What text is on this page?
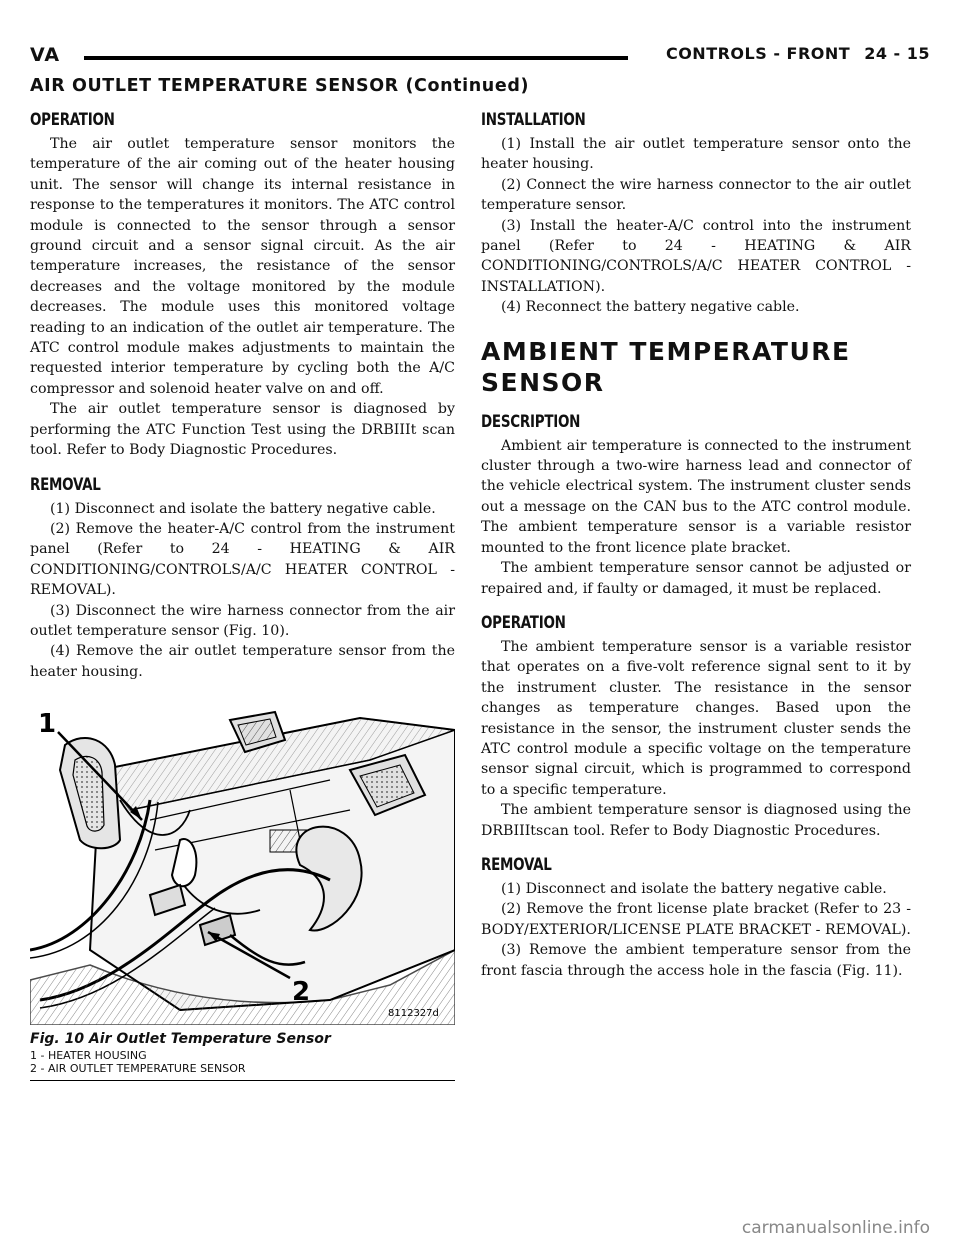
VA	CONTROLS - FRONT 24 - 15
AIR OUTLET TEMPERATURE SENSOR (Continued)
OPERATION

The air outlet temperature sensor monitors the temperature of the air coming out of the heater housing unit. The sensor will change its internal resistance in response to the temperatures it monitors. The ATC control module is connected to the sensor through a sensor ground circuit and a sensor signal circuit. As the air temperature increases, the resistance of the sensor decreases and the voltage monitored by the module decreases. The module uses this monitored voltage reading to an indication of the outlet air temperature. The ATC control module makes adjustments to maintain the requested interior temperature by cycling both the A/C compressor and solenoid heater valve on and off.

The air outlet temperature sensor is diagnosed by performing the ATC Function Test using the DRBIIIt scan tool. Refer to Body Diagnostic Procedures.

REMOVAL

(1) Disconnect and isolate the battery negative cable.

(2) Remove the heater-A/C control from the instrument panel (Refer to 24 - HEATING & AIR CONDITIONING/CONTROLS/A/C HEATER CONTROL - REMOVAL).

(3) Disconnect the wire harness connector from the air outlet temperature sensor (Fig. 10).

(4) Remove the air outlet temperature sensor from the heater housing.

1
2
8112327d
Fig. 10 Air Outlet Temperature Sensor
1 - HEATER HOUSING
2 - AIR OUTLET TEMPERATURE SENSOR
INSTALLATION

(1) Install the air outlet temperature sensor onto the heater housing.

(2) Connect the wire harness connector to the air outlet temperature sensor.

(3) Install the heater-A/C control into the instrument panel (Refer to 24 - HEATING & AIR CONDITIONING/CONTROLS/A/C HEATER CONTROL - INSTALLATION).

(4) Reconnect the battery negative cable.

AMBIENT TEMPERATURE
SENSOR
DESCRIPTION

Ambient air temperature is connected to the instrument cluster through a two-wire harness lead and connector of the vehicle electrical system. The instrument cluster sends out a message on the CAN bus to the ATC control module. The ambient temperature sensor is a variable resistor mounted to the front licence plate bracket.

The ambient temperature sensor cannot be adjusted or repaired and, if faulty or damaged, it must be replaced.

OPERATION

The ambient temperature sensor is a variable resistor that operates on a five-volt reference signal sent to it by the instrument cluster. The resistance in the sensor changes as temperature changes. Based upon the resistance in the sensor, the instrument cluster sends the ATC control module a specific voltage on the temperature sensor signal circuit, which is programmed to correspond to a specific temperature.

The ambient temperature sensor is diagnosed using the DRBIIItscan tool. Refer to Body Diagnostic Procedures.

REMOVAL

(1) Disconnect and isolate the battery negative cable.

(2) Remove the front license plate bracket (Refer to 23 - BODY/EXTERIOR/LICENSE PLATE BRACKET - REMOVAL).

(3) Remove the ambient temperature sensor from the front fascia through the access hole in the fascia (Fig. 11).

carmanualsonline.info
